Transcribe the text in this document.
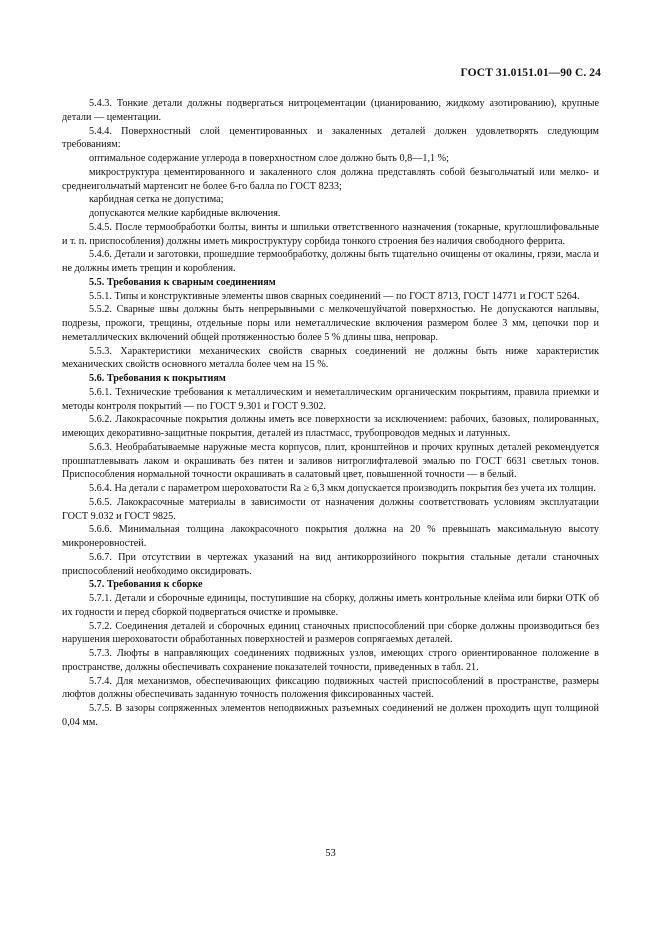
ГОСТ 31.0151.01—90 С. 24

5.4.3. Тонкие детали должны подвергаться нитроцементации (цианированию, жидкому азотированию), крупные детали — цементации.

5.4.4. Поверхностный слой цементированных и закаленных деталей должен удовлетворять следующим требованиям:

оптимальное содержание углерода в поверхностном слое должно быть 0,8—1,1 %;

микроструктура цементированного и закаленного слоя должна представлять собой безыгольчатый или мелко- и среднеигольчатый мартенсит не более 6-го балла по ГОСТ 8233;

карбидная сетка не допустима;

допускаются мелкие карбидные включения.

5.4.5. После термообработки болты, винты и шпильки ответственного назначения (токарные, круглошлифовальные и т. п. приспособления) должны иметь микроструктуру сорбида тонкого строения без наличия свободного феррита.

5.4.6. Детали и заготовки, прошедшие термообработку, должны быть тщательно очищены от окалины, грязи, масла и не должны иметь трещин и коробления.

5.5. Требования к сварным соединениям

5.5.1. Типы и конструктивные элементы швов сварных соединений — по ГОСТ 8713, ГОСТ 14771 и ГОСТ 5264.

5.5.2. Сварные швы должны быть непрерывными с мелкочешуйчатой поверхностью. Не допускаются наплывы, подрезы, прожоги, трещины, отдельные поры или неметаллические включения размером более 3 мм, цепочки пор и неметаллических включений общей протяженностью более 5 % длины шва, непровар.

5.5.3. Характеристики механических свойств сварных соединений не должны быть ниже характеристик механических свойств основного металла более чем на 15 %.

5.6. Требования к покрытиям

5.6.1. Технические требования к металлическим и неметаллическим органическим покрытиям, правила приемки и методы контроля покрытий — по ГОСТ 9.301 и ГОСТ 9.302.

5.6.2. Лакокрасочные покрытия должны иметь все поверхности за исключением: рабочих, базовых, полированных, имеющих декоративно-защитные покрытия, деталей из пластмасс, трубопроводов медных и латунных.

5.6.3. Необрабатываемые наружные места корпусов, плит, кронштейнов и прочих крупных деталей рекомендуется прошпатлевывать лаком и окрашивать без пятен и заливов нитроглифталевой эмалью по ГОСТ 6631 светлых тонов. Приспособления нормальной точности окрашивать в салатовый цвет, повышенной точности — в белый.

5.6.4. На детали с параметром шероховатости Ra ≥ 6,3 мкм допускается производить покрытия без учета их толщин.

5.6.5. Лакокрасочные материалы в зависимости от назначения должны соответствовать условиям эксплуатации ГОСТ 9.032 и ГОСТ 9825.

5.6.6. Минимальная толщина лакокрасочного покрытия должна на 20 % превышать максимальную высоту микронеровностей.

5.6.7. При отсутствии в чертежах указаний на вид антикоррозийного покрытия стальные детали станочных приспособлений необходимо оксидировать.

5.7. Требования к сборке

5.7.1. Детали и сборочные единицы, поступившие на сборку, должны иметь контрольные клейма или бирки ОТК об их годности и перед сборкой подвергаться очистке и промывке.

5.7.2. Соединения деталей и сборочных единиц станочных приспособлений при сборке должны производиться без нарушения шероховатости обработанных поверхностей и размеров сопрягаемых деталей.

5.7.3. Люфты в направляющих соединениях подвижных узлов, имеющих строго ориентированное положение в пространстве, должны обеспечивать сохранение показателей точности, приведенных в табл. 21.

5.7.4. Для механизмов, обеспечивающих фиксацию подвижных частей приспособлений в пространстве, размеры люфтов должны обеспечивать заданную точность положения фиксированных частей.

5.7.5. В зазоры сопряженных элементов неподвижных разъемных соединений не должен проходить щуп толщиной 0,04 мм.

53
